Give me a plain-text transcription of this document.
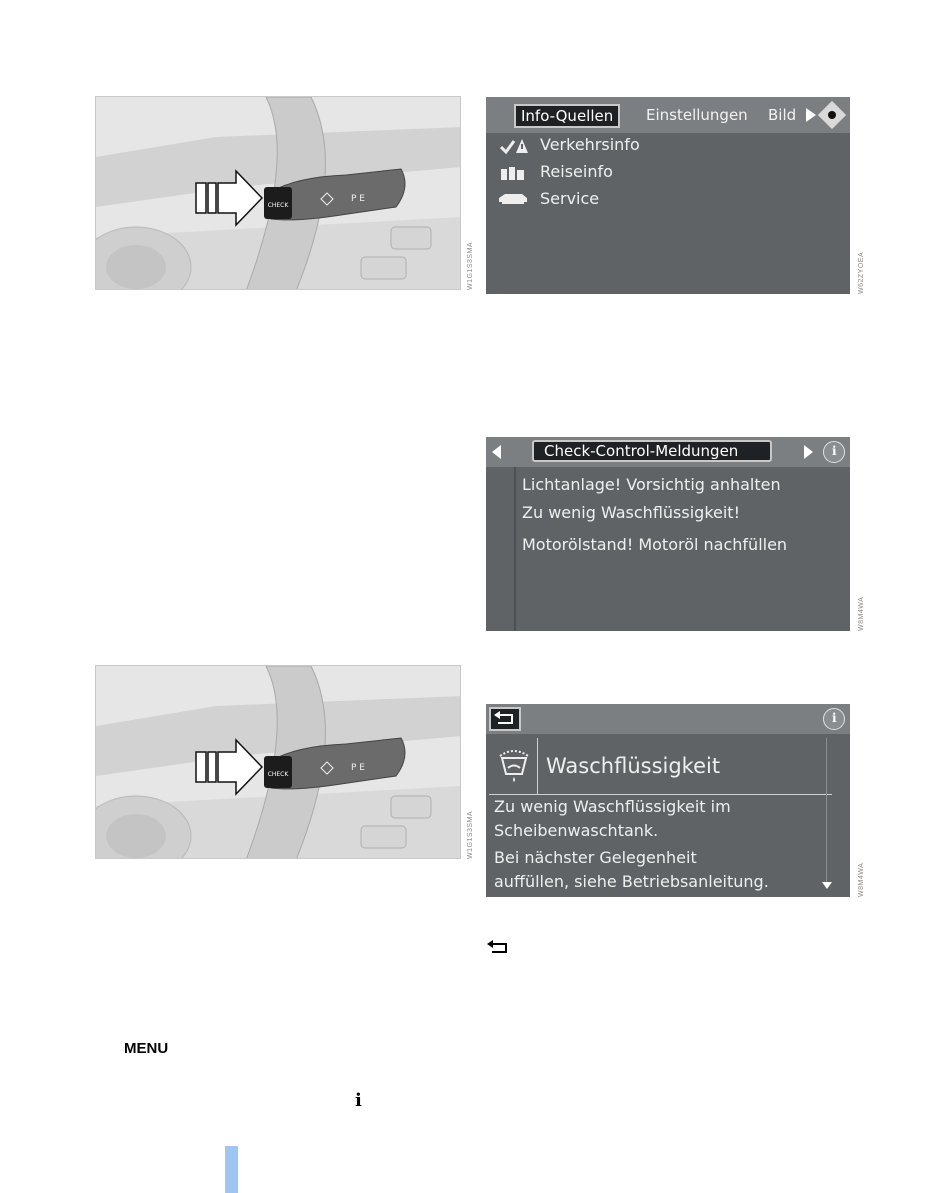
CHECK
P E
W1G1S3SMA
Info-Quellen	Einstellungen Bild
Verkehrsinfo
Reiseinfo
Service
W62ZYOEA
Check-Control-Meldungen	i
Lichtanlage! Vorsichtig anhalten
Zu wenig Waschflüssigkeit!
Motorölstand! Motoröl nachfüllen
W8M4WA
CHECK
P E
W1G1S3SMA
i
Waschflüssigkeit
Zu wenig Waschflüssigkeit im
Scheibenwaschtank.
Bei nächster Gelegenheit
auffüllen, siehe Betriebsanleitung.	W8M4WA
MENU
i
